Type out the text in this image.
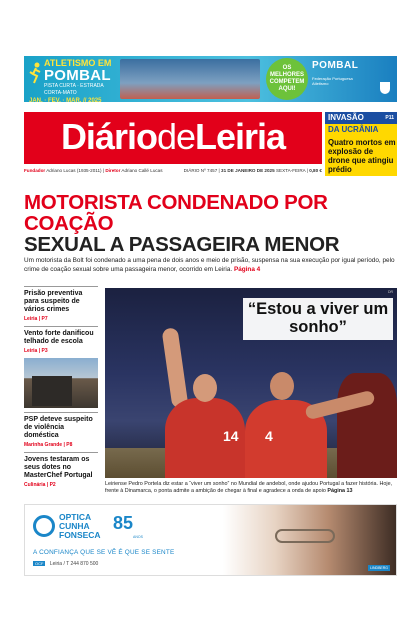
ATLETISMO EM
POMBAL
PISTA CURTA · ESTRADA CORTA-MATO
JAN. · FEV. · MAR. // 2025
OS MELHORES COMPETEM AQUI!
POMBAL
Federação Portuguesa Atletismo
DiáriodeLeiria
Fundador Adriano Lucas (1935-2011) | Diretor Adriano Callé Lucas	DIÁRIO Nº 7457 | 31 DE JANEIRO DE 2025 SEXTA-FEIRA | 0,80 €
INVASÃO	P11
DA UCRÂNIA
Quatro mortos em explosão de drone que atingiu prédio
MOTORISTA CONDENADO POR COAÇÃO
SEXUAL A PASSAGEIRA MENOR
Um motorista da Bolt foi condenado a uma pena de dois anos e meio de prisão, suspensa na sua execução por igual período, pelo crime de coação sexual sobre uma passageira menor, ocorrido em Leiria. Página 4
Prisão preventiva para suspeito de vários crimes
Leiria | P7
Vento forte danificou telhado de escola
Leiria | P3
PSP deteve suspeito de violência doméstica
Marinha Grande | P8
Jovens testaram os seus dotes no MasterChef Portugal
Culinária | P2
14 4
DR
“Estou a viver um sonho”
Leiriense Pedro Portela diz estar a “viver um sonho” no Mundial de andebol, onde ajudou Portugal a fazer história. Hoje, frente à Dinamarca, o ponta admite a ambição de chegar à final e agradece a onda de apoio Página 13
OPTICA
CUNHA
FONSECA
85
ANOS
A CONFIANÇA QUE SE VÊ É QUE SE SENTE
OCF Leiria / T 244 870 500
LINDBERG
